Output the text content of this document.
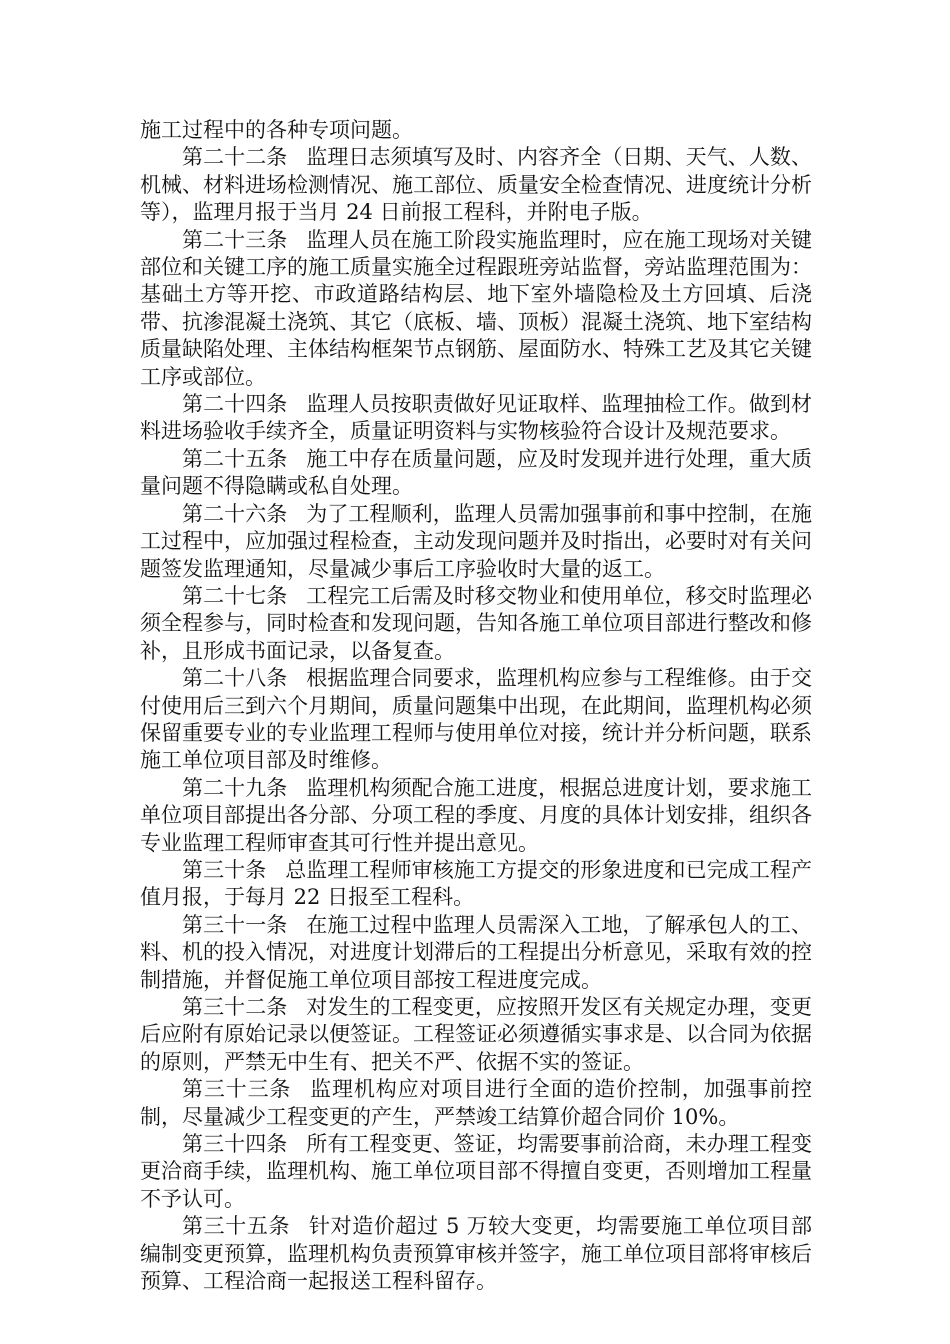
施工过程中的各种专项问题。

第二十二条 监理日志须填写及时、内容齐全（日期、天气、人数、机械、材料进场检测情况、施工部位、质量安全检查情况、进度统计分析等），监理月报于当月 24 日前报工程科，并附电子版。

第二十三条 监理人员在施工阶段实施监理时，应在施工现场对关键部位和关键工序的施工质量实施全过程跟班旁站监督，旁站监理范围为：基础土方等开挖、市政道路结构层、地下室外墙隐检及土方回填、后浇带、抗渗混凝土浇筑、其它（底板、墙、顶板）混凝土浇筑、地下室结构质量缺陷处理、主体结构框架节点钢筋、屋面防水、特殊工艺及其它关键工序或部位。

第二十四条 监理人员按职责做好见证取样、监理抽检工作。做到材料进场验收手续齐全，质量证明资料与实物核验符合设计及规范要求。

第二十五条 施工中存在质量问题，应及时发现并进行处理，重大质量问题不得隐瞒或私自处理。

第二十六条 为了工程顺利，监理人员需加强事前和事中控制，在施工过程中，应加强过程检查，主动发现问题并及时指出，必要时对有关问题签发监理通知，尽量减少事后工序验收时大量的返工。

第二十七条 工程完工后需及时移交物业和使用单位，移交时监理必须全程参与，同时检查和发现问题，告知各施工单位项目部进行整改和修补，且形成书面记录，以备复查。

第二十八条 根据监理合同要求，监理机构应参与工程维修。由于交付使用后三到六个月期间，质量问题集中出现，在此期间，监理机构必须保留重要专业的专业监理工程师与使用单位对接，统计并分析问题，联系施工单位项目部及时维修。

第二十九条 监理机构须配合施工进度，根据总进度计划，要求施工单位项目部提出各分部、分项工程的季度、月度的具体计划安排，组织各专业监理工程师审查其可行性并提出意见。

第三十条 总监理工程师审核施工方提交的形象进度和已完成工程产值月报，于每月 22 日报至工程科。

第三十一条 在施工过程中监理人员需深入工地，了解承包人的工、料、机的投入情况，对进度计划滞后的工程提出分析意见，采取有效的控制措施，并督促施工单位项目部按工程进度完成。

第三十二条 对发生的工程变更，应按照开发区有关规定办理，变更后应附有原始记录以便签证。工程签证必须遵循实事求是、以合同为依据的原则，严禁无中生有、把关不严、依据不实的签证。

第三十三条 监理机构应对项目进行全面的造价控制，加强事前控制，尽量减少工程变更的产生，严禁竣工结算价超合同价 10%。

第三十四条 所有工程变更、签证，均需要事前洽商，未办理工程变更洽商手续，监理机构、施工单位项目部不得擅自变更，否则增加工程量不予认可。

第三十五条 针对造价超过 5 万较大变更，均需要施工单位项目部编制变更预算，监理机构负责预算审核并签字，施工单位项目部将审核后预算、工程洽商一起报送工程科留存。
